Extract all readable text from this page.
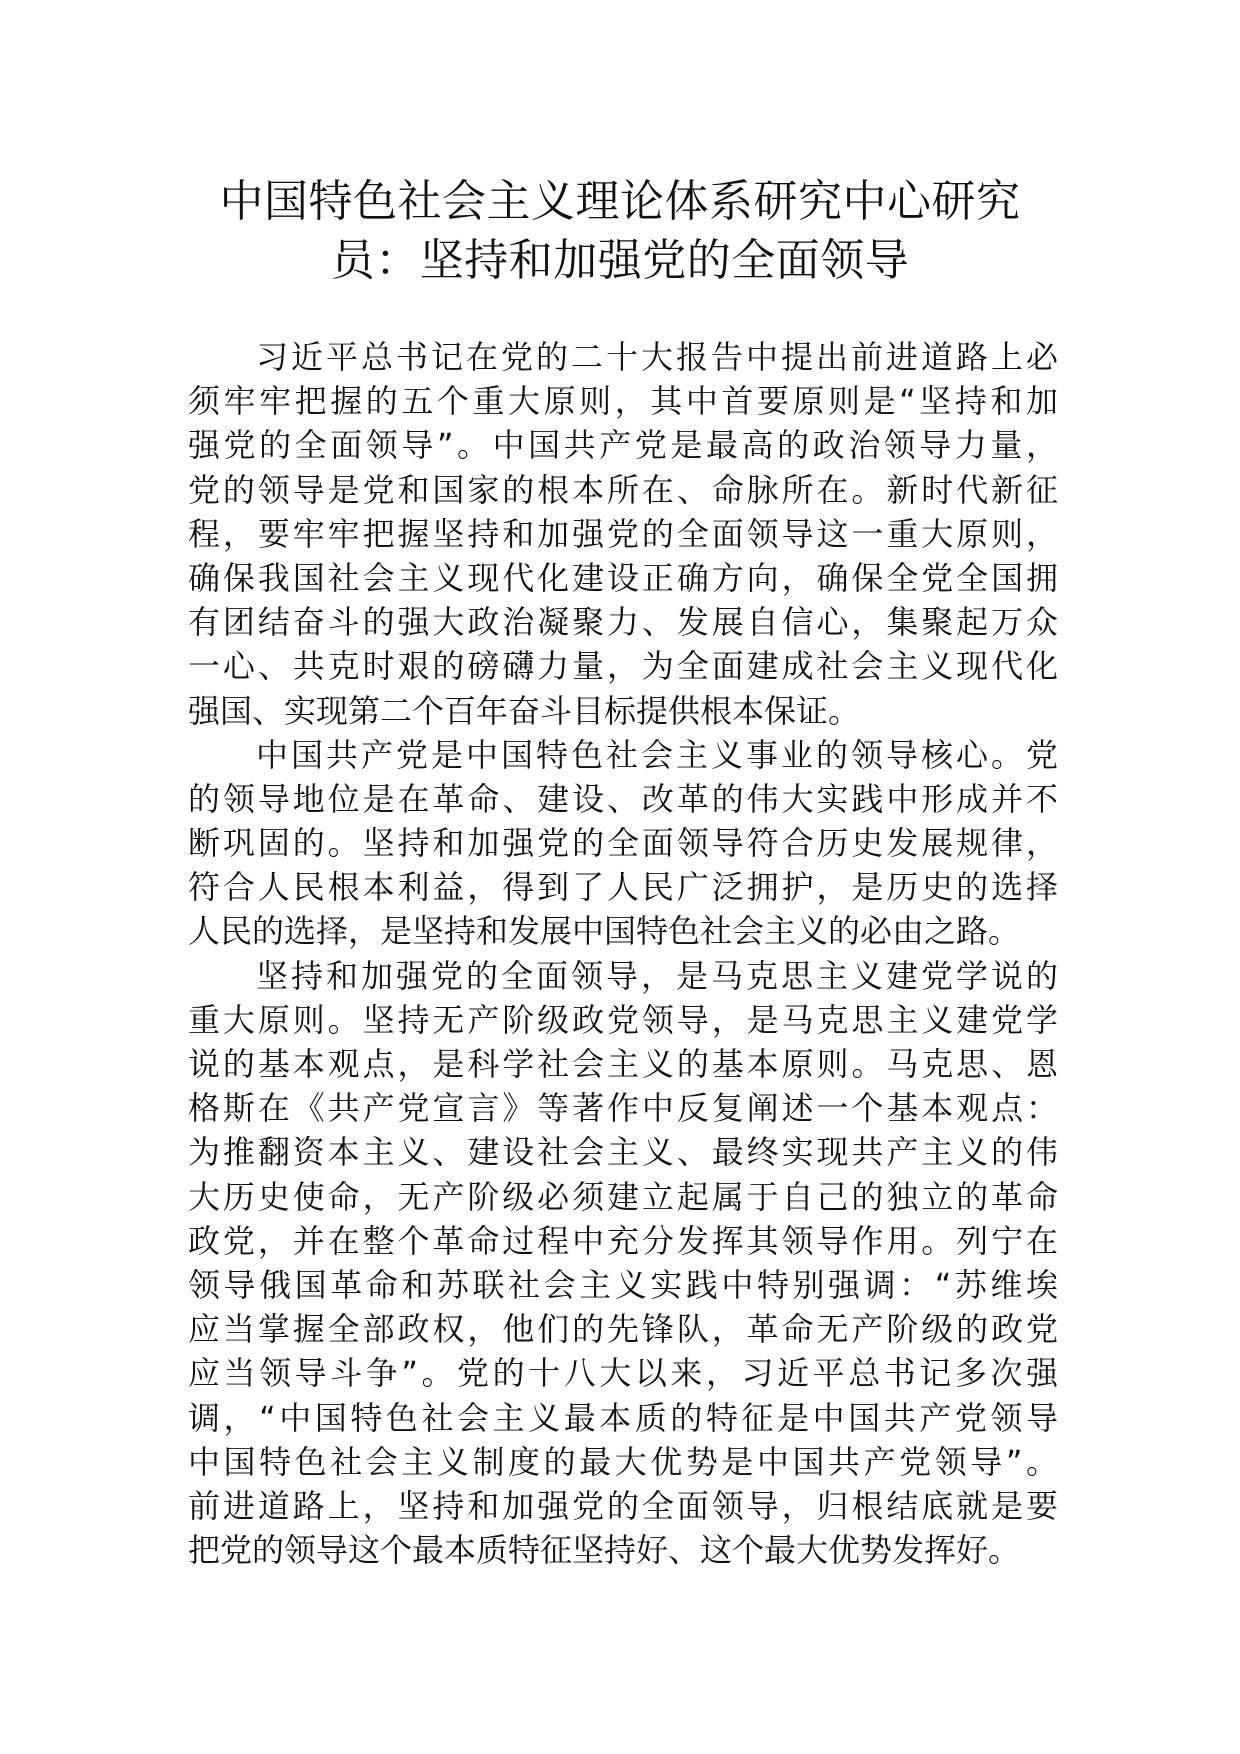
中国特色社会主义理论体系研究中心研究
员：坚持和加强党的全面领导
习近平总书记在党的二十大报告中提出前进道路上必
须牢牢把握的五个重大原则，其中首要原则是“坚持和加
强党的全面领导”。中国共产党是最高的政治领导力量，
党的领导是党和国家的根本所在、命脉所在。新时代新征
程，要牢牢把握坚持和加强党的全面领导这一重大原则，
确保我国社会主义现代化建设正确方向，确保全党全国拥
有团结奋斗的强大政治凝聚力、发展自信心，集聚起万众
一心、共克时艰的磅礴力量，为全面建成社会主义现代化
强国、实现第二个百年奋斗目标提供根本保证。
中国共产党是中国特色社会主义事业的领导核心。党
的领导地位是在革命、建设、改革的伟大实践中形成并不
断巩固的。坚持和加强党的全面领导符合历史发展规律，
符合人民根本利益，得到了人民广泛拥护，是历史的选择
人民的选择，是坚持和发展中国特色社会主义的必由之路。
坚持和加强党的全面领导，是马克思主义建党学说的
重大原则。坚持无产阶级政党领导，是马克思主义建党学
说的基本观点，是科学社会主义的基本原则。马克思、恩
格斯在《共产党宣言》等著作中反复阐述一个基本观点：
为推翻资本主义、建设社会主义、最终实现共产主义的伟
大历史使命，无产阶级必须建立起属于自己的独立的革命
政党，并在整个革命过程中充分发挥其领导作用。列宁在
领导俄国革命和苏联社会主义实践中特别强调：“苏维埃
应当掌握全部政权，他们的先锋队，革命无产阶级的政党
应当领导斗争”。党的十八大以来，习近平总书记多次强
调，“中国特色社会主义最本质的特征是中国共产党领导
中国特色社会主义制度的最大优势是中国共产党领导”。
前进道路上，坚持和加强党的全面领导，归根结底就是要
把党的领导这个最本质特征坚持好、这个最大优势发挥好。
